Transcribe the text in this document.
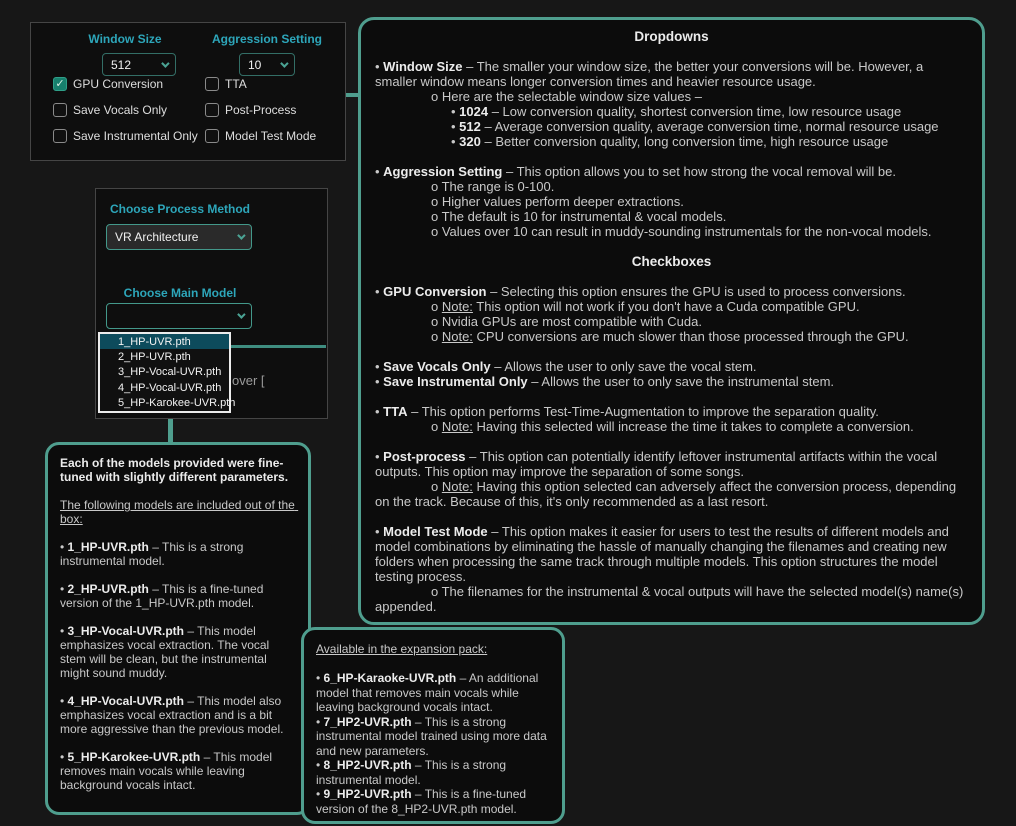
Window Size	Aggression Setting
512	10
✓ GPU Conversion
Save Vocals Only
Save Instrumental Only
TTA
Post-Process
Model Test Mode
Choose Process Method
VR Architecture
Choose Main Model
over [
1_HP-UVR.pth
2_HP-UVR.pth
3_HP-Vocal-UVR.pth
4_HP-Vocal-UVR.pth
5_HP-Karokee-UVR.pth
Dropdowns
• Window Size – The smaller your window size, the better your conversions will be. However, a smaller window means longer conversion times and heavier resource usage.
o Here are the selectable window size values –
• 1024 – Low conversion quality, shortest conversion time, low resource usage
• 512 – Average conversion quality, average conversion time, normal resource usage
• 320 – Better conversion quality, long conversion time, high resource usage
• Aggression Setting – This option allows you to set how strong the vocal removal will be.
o The range is 0-100.
o Higher values perform deeper extractions.
o The default is 10 for instrumental & vocal models.
o Values over 10 can result in muddy-sounding instrumentals for the non-vocal models.
Checkboxes
• GPU Conversion – Selecting this option ensures the GPU is used to process conversions.
o Note: This option will not work if you don't have a Cuda compatible GPU.
o Nvidia GPUs are most compatible with Cuda.
o Note: CPU conversions are much slower than those processed through the GPU.
• Save Vocals Only – Allows the user to only save the vocal stem.
• Save Instrumental Only – Allows the user to only save the instrumental stem.
• TTA – This option performs Test-Time-Augmentation to improve the separation quality.
o Note: Having this selected will increase the time it takes to complete a conversion.
• Post-process – This option can potentially identify leftover instrumental artifacts within the vocal outputs. This option may improve the separation of some songs.
o Note: Having this option selected can adversely affect the conversion process, depending on the track. Because of this, it's only recommended as a last resort.
• Model Test Mode – This option makes it easier for users to test the results of different models and model combinations by eliminating the hassle of manually changing the filenames and creating new folders when processing the same track through multiple models. This option structures the model testing process.
o The filenames for the instrumental & vocal outputs will have the selected model(s) name(s) appended.
Each of the models provided were fine-tuned with slightly different parameters.
The following models are included out of the box:
• 1_HP-UVR.pth – This is a strong instrumental model.
• 2_HP-UVR.pth – This is a fine-tuned version of the 1_HP-UVR.pth model.
• 3_HP-Vocal-UVR.pth – This model emphasizes vocal extraction. The vocal stem will be clean, but the instrumental might sound muddy.
• 4_HP-Vocal-UVR.pth – This model also emphasizes vocal extraction and is a bit more aggressive than the previous model.
• 5_HP-Karokee-UVR.pth – This model removes main vocals while leaving background vocals intact.
Available in the expansion pack:
• 6_HP-Karaoke-UVR.pth – An additional model that removes main vocals while leaving background vocals intact.
• 7_HP2-UVR.pth – This is a strong instrumental model trained using more data and new parameters.
• 8_HP2-UVR.pth – This is a strong instrumental model.
• 9_HP2-UVR.pth – This is a fine-tuned version of the 8_HP2-UVR.pth model.
